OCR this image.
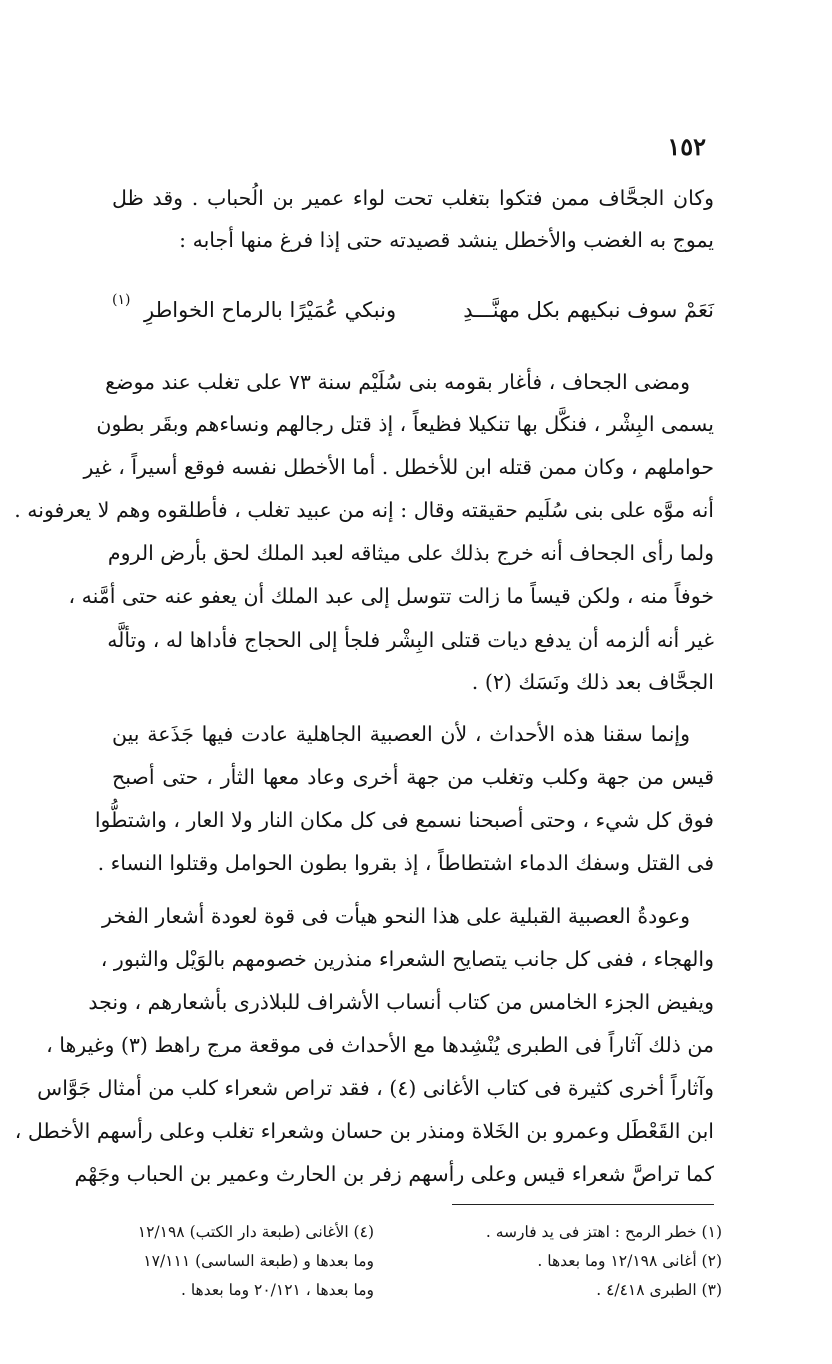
١٥٢
وكان الجحَّاف ممن فتكوا بتغلب تحت لواء عمير بن الُحباب . وقد ظل
يموج به الغضب والأخطل ينشد قصيدته حتى إذا فرغ منها أجابه :
نَعَمْ سوف نبكيهم بكل مهنَّـــدِ
ونبكي عُمَيْرًا بالرماح الخواطرِ
(١)
ومضى الجحاف ، فأغار بقومه بنى سُلَيْم سنة ٧٣ على تغلب عند موضع
يسمى البِشْر ، فنكَّل بها تنكيلا فظيعاً ، إذ قتل رجالهم ونساءهم وبقَر بطون
حواملهم ، وكان ممن قتله ابن للأخطل . أما الأخطل نفسه فوقع أسيراً ، غير
أنه موَّه على بنى سُلَيم حقيقته وقال : إنه من عبيد تغلب ، فأطلقوه وهم لا يعرفونه .
ولما رأى الجحاف أنه خرج بذلك على ميثاقه لعبد الملك لحق بأرض الروم
خوفاً منه ، ولكن قيساً ما زالت تتوسل إلى عبد الملك أن يعفو عنه حتى أمَّنه ،
غير أنه ألزمه أن يدفع ديات قتلى البِشْر فلجأ إلى الحجاج فأداها له ، وتألَّه
الجحَّاف بعد ذلك ونَسَك (٢) .
وإنما سقنا هذه الأحداث ، لأن العصبية الجاهلية عادت فيها جَذَعة بين
قيس من جهة وكلب وتغلب من جهة أخرى وعاد معها الثأر ، حتى أصبح
فوق كل شيء ، وحتى أصبحنا نسمع فى كل مكان النار ولا العار ، واشتطُّوا
فى القتل وسفك الدماء اشتطاطاً ، إذ بقروا بطون الحوامل وقتلوا النساء .
وعودةُ العصبية القبلية على هذا النحو هيأت فى قوة لعودة أشعار الفخر
والهجاء ، ففى كل جانب يتصايح الشعراء منذرين خصومهم بالوَيْل والثبور ،
ويفيض الجزء الخامس من كتاب أنساب الأشراف للبلاذرى بأشعارهم ، ونجد
من ذلك آثاراً فى الطبرى يُنْشِدها مع الأحداث فى موقعة مرج راهط (٣) وغيرها ،
وآثاراً أخرى كثيرة فى كتاب الأغانى (٤) ، فقد تراص شعراء كلب من أمثال جَوَّاس
ابن القَعْطَل وعمرو بن الخَلاة ومنذر بن حسان وشعراء تغلب وعلى رأسهم الأخطل ،
كما تراصَّ شعراء قيس وعلى رأسهم زفر بن الحارث وعمير بن الحباب وجَهْم
(١) خطر الرمح : اهتز فى يد فارسه .
(٢) أغانى ١٢/١٩٨ وما بعدها .
(٣) الطبرى ٤/٤١٨ .
(٤) الأغانى (طبعة دار الكتب) ١٢/١٩٨
وما بعدها و (طبعة الساسى) ١٧/١١١
وما بعدها ، ٢٠/١٢١ وما بعدها .
